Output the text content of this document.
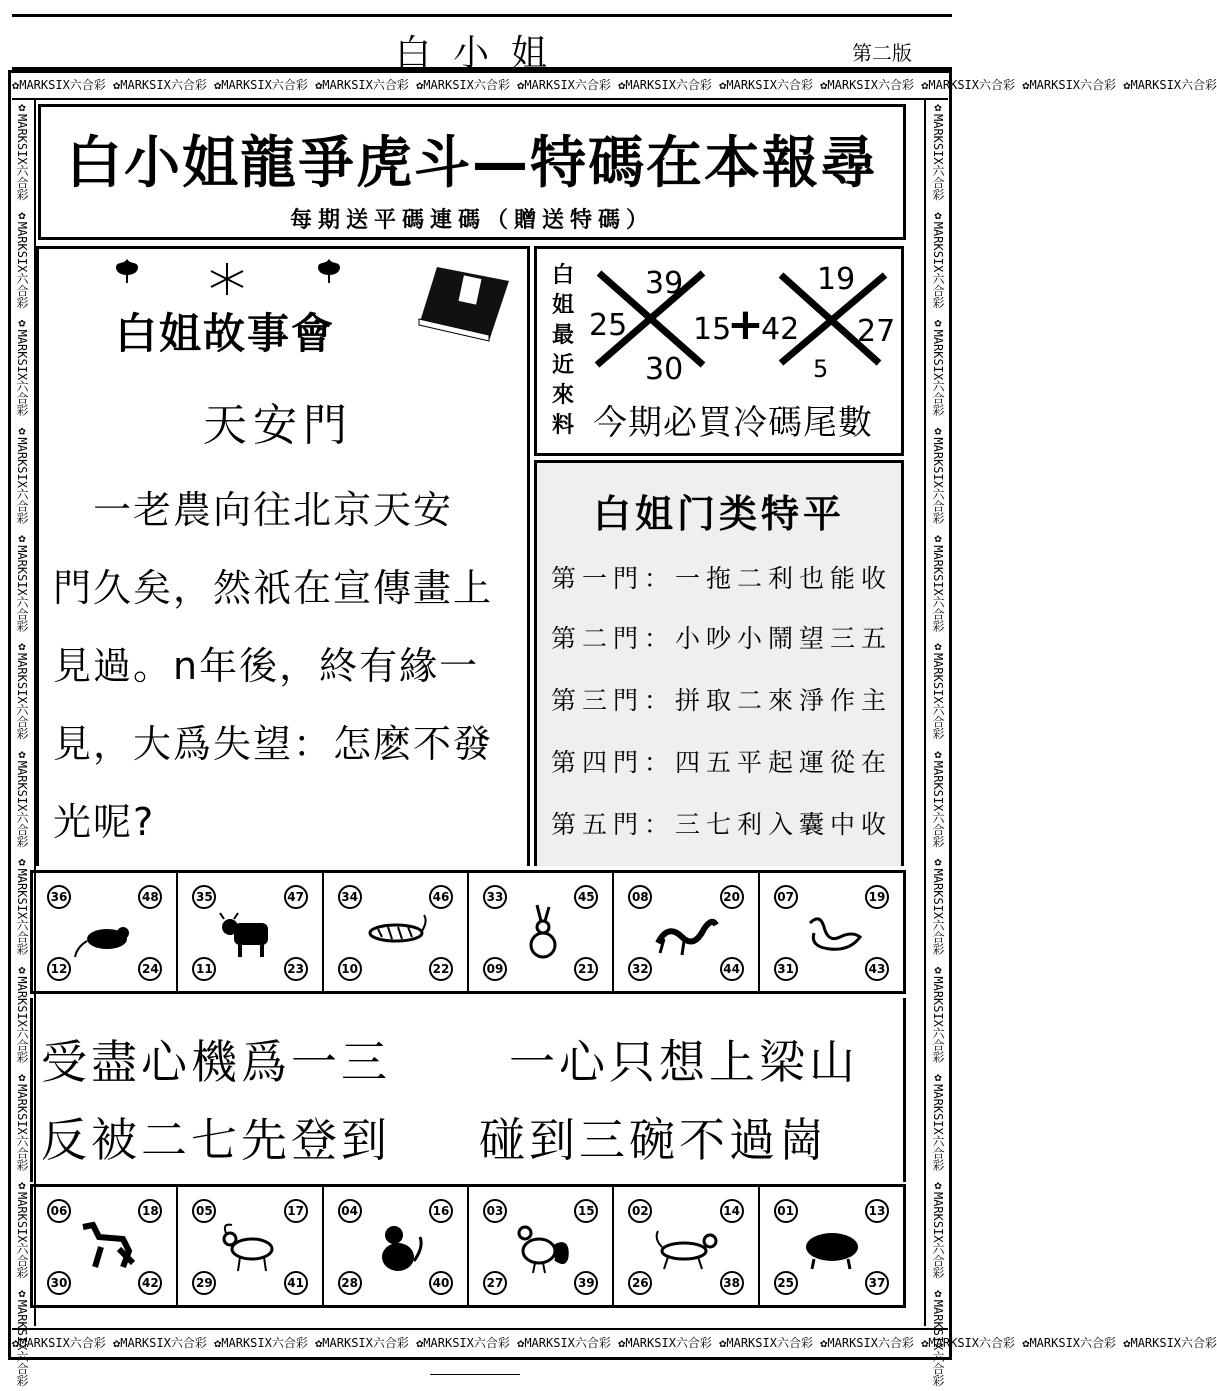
白小姐	第二版
✿MARKSIX六合彩 ✿MARKSIX六合彩 ✿MARKSIX六合彩 ✿MARKSIX六合彩 ✿MARKSIX六合彩 ✿MARKSIX六合彩 ✿MARKSIX六合彩 ✿MARKSIX六合彩 ✿MARKSIX六合彩 ✿MARKSIX六合彩 ✿MARKSIX六合彩 ✿MARKSIX六合彩
✿MARKSIX六合彩 ✿MARKSIX六合彩 ✿MARKSIX六合彩 ✿MARKSIX六合彩 ✿MARKSIX六合彩 ✿MARKSIX六合彩 ✿MARKSIX六合彩 ✿MARKSIX六合彩 ✿MARKSIX六合彩 ✿MARKSIX六合彩 ✿MARKSIX六合彩 ✿MARKSIX六合彩
✿MARKSIX六合彩 ✿MARKSIX六合彩 ✿MARKSIX六合彩 ✿MARKSIX六合彩 ✿MARKSIX六合彩 ✿MARKSIX六合彩 ✿MARKSIX六合彩 ✿MARKSIX六合彩 ✿MARKSIX六合彩 ✿MARKSIX六合彩 ✿MARKSIX六合彩 ✿MARKSIX六合彩	✿MARKSIX六合彩 ✿MARKSIX六合彩 ✿MARKSIX六合彩 ✿MARKSIX六合彩 ✿MARKSIX六合彩 ✿MARKSIX六合彩 ✿MARKSIX六合彩 ✿MARKSIX六合彩 ✿MARKSIX六合彩 ✿MARKSIX六合彩 ✿MARKSIX六合彩 ✿MARKSIX六合彩
白小姐龍爭虎斗—特碼在本報尋
每期送平碼連碼（贈送特碼）
白姐故事會
天安門
　一老農向往北京天安
門久矣，然祇在宣傳畫上
見過。n年後，終有緣一
見，大爲失望：怎麽不發
光呢?
白姐最近來料
39
25
30
15
+
42
19
27
5
今期必買冷碼尾數
白姐门类特平
第一門：一拖二利也能收
第二門：小吵小鬧望三五
第三門：拼取二來淨作主
第四門：四五平起運從在
第五門：三七利入囊中收
36	48
12	24
35	47
11	23
34	46
10	22
33	45
09	21
08	20
32	44
07	19
31	43
受盡心機爲一三	一心只想上梁山
反被二七先登到 碰到三碗不過崗
06	18
30	42
05	17
29	41
04	16
28	40
03	15
27	39
02	14
26	38
01	13
25	37
